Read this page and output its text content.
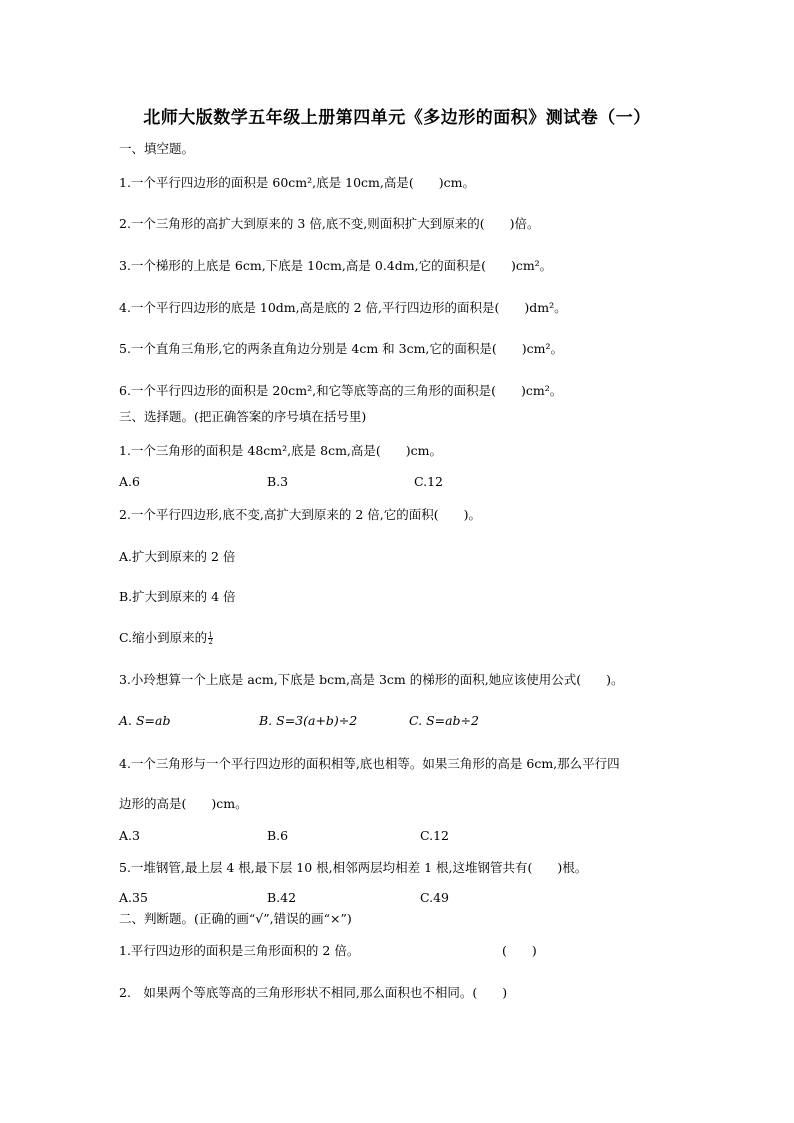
北师大版数学五年级上册第四单元《多边形的面积》测试卷（一）
一、填空题。
1.一个平行四边形的面积是 60cm²,底是 10cm,高是(　　)cm。
2.一个三角形的高扩大到原来的 3 倍,底不变,则面积扩大到原来的(　　)倍。
3.一个梯形的上底是 6cm,下底是 10cm,高是 0.4dm,它的面积是(　　)cm²。
4.一个平行四边形的底是 10dm,高是底的 2 倍,平行四边形的面积是(　　)dm²。
5.一个直角三角形,它的两条直角边分别是 4cm 和 3cm,它的面积是(　　)cm²。
6.一个平行四边形的面积是 20cm²,和它等底等高的三角形的面积是(　　)cm²。
三、选择题。(把正确答案的序号填在括号里)
1.一个三角形的面积是 48cm²,底是 8cm,高是(　　)cm。
A.6	B.3	C.12
2.一个平行四边形,底不变,高扩大到原来的 2 倍,它的面积(　　)。
A.扩大到原来的 2 倍
B.扩大到原来的 4 倍
C.缩小到原来的 $\frac{1}{2}$
3.小玲想算一个上底是 acm,下底是 bcm,高是 3cm 的梯形的面积,她应该使用公式(　　)。
A. S=ab	B. S=3(a+b)÷2	C. S=ab÷2
4.一个三角形与一个平行四边形的面积相等,底也相等。如果三角形的高是 6cm,那么平行四
边形的高是(　　)cm。
A.3	B.6	C.12
5.一堆钢管,最上层 4 根,最下层 10 根,相邻两层均相差 1 根,这堆钢管共有(　　)根。
A.35	B.42	C.49
二、判断题。(正确的画“√”,错误的画“×”)
1.平行四边形的面积是三角形面积的 2 倍。	(　　)
2.　如果两个等底等高的三角形形状不相同,那么面积也不相同。(　　)
